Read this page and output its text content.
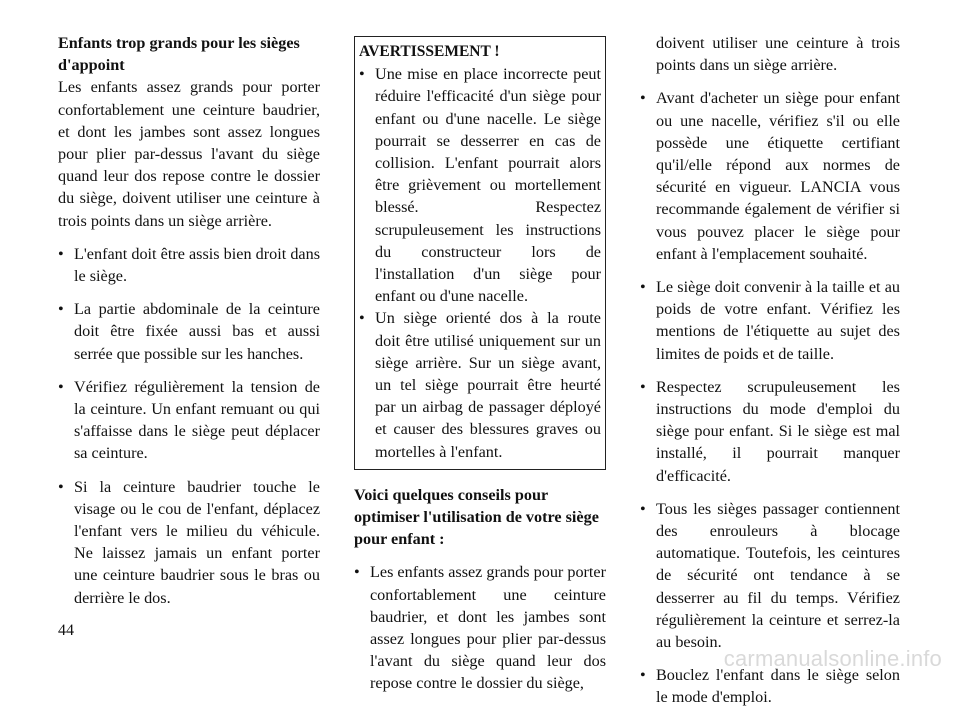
Enfants trop grands pour les sièges d'appoint

Les enfants assez grands pour porter confortablement une ceinture baudrier, et dont les jambes sont assez longues pour plier par-dessus l'avant du siège quand leur dos repose contre le dossier du siège, doivent utiliser une ceinture à trois points dans un siège arrière.

• L'enfant doit être assis bien droit dans le siège.
• La partie abdominale de la ceinture doit être fixée aussi bas et aussi serrée que possible sur les hanches.
• Vérifiez régulièrement la tension de la ceinture. Un enfant remuant ou qui s'affaisse dans le siège peut déplacer sa ceinture.
• Si la ceinture baudrier touche le visage ou le cou de l'enfant, déplacez l'enfant vers le milieu du véhicule. Ne laissez jamais un enfant porter une ceinture baudrier sous le bras ou derrière le dos.
AVERTISSEMENT !
• Une mise en place incorrecte peut réduire l'efficacité d'un siège pour enfant ou d'une nacelle. Le siège pourrait se desserrer en cas de collision. L'enfant pourrait alors être grièvement ou mortellement blessé. Respectez scrupuleusement les instructions du constructeur lors de l'installation d'un siège pour enfant ou d'une nacelle.
• Un siège orienté dos à la route doit être utilisé uniquement sur un siège arrière. Sur un siège avant, un tel siège pourrait être heurté par un airbag de passager déployé et causer des blessures graves ou mortelles à l'enfant.

Voici quelques conseils pour optimiser l'utilisation de votre siège pour enfant :

• Les enfants assez grands pour porter confortablement une ceinture baudrier, et dont les jambes sont assez longues pour plier par-dessus l'avant du siège quand leur dos repose contre le dossier du siège,

doivent utiliser une ceinture à trois points dans un siège arrière.

• Avant d'acheter un siège pour enfant ou une nacelle, vérifiez s'il ou elle possède une étiquette certifiant qu'il/elle répond aux normes de sécurité en vigueur. LANCIA vous recommande également de vérifier si vous pouvez placer le siège pour enfant à l'emplacement souhaité.
• Le siège doit convenir à la taille et au poids de votre enfant. Vérifiez les mentions de l'étiquette au sujet des limites de poids et de taille.
• Respectez scrupuleusement les instructions du mode d'emploi du siège pour enfant. Si le siège est mal installé, il pourrait manquer d'efficacité.
• Tous les sièges passager contiennent des enrouleurs à blocage automatique. Toutefois, les ceintures de sécurité ont tendance à se desserrer au fil du temps. Vérifiez régulièrement la ceinture et serrez-la au besoin.
• Bouclez l'enfant dans le siège selon le mode d'emploi.
44
carmanualsonline.info
